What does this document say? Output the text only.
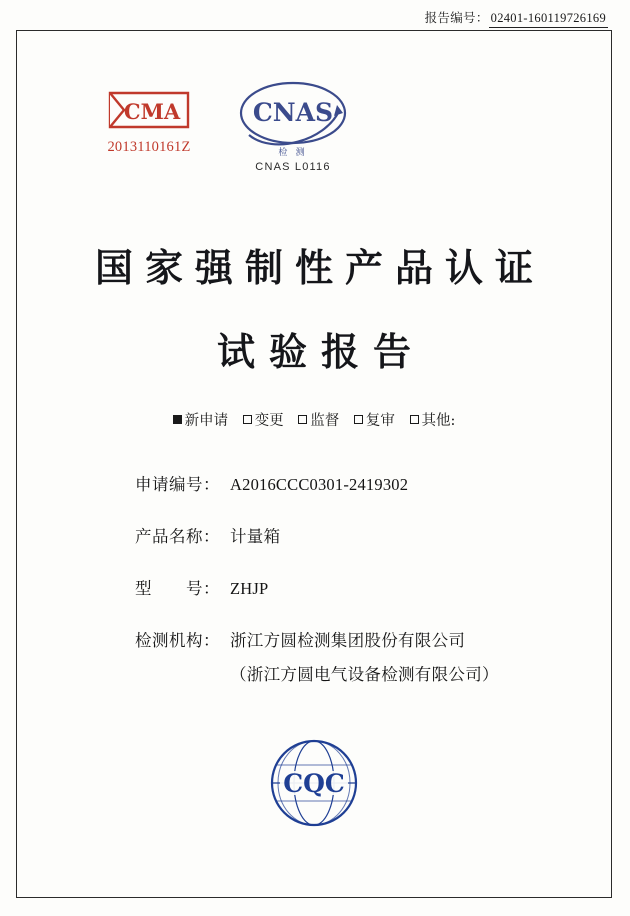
报告编号： 02401-160119726169
CMA
2013110161Z
CNAS
检 测
CNAS L0116
国家强制性产品认证
试验报告
新申请 变更 监督 复审 其他:
申请编号： A2016CCC0301-2419302
产品名称： 计量箱
型　　号： ZHJP
检测机构： 浙江方圆检测集团股份有限公司
（浙江方圆电气设备检测有限公司）
CQC
